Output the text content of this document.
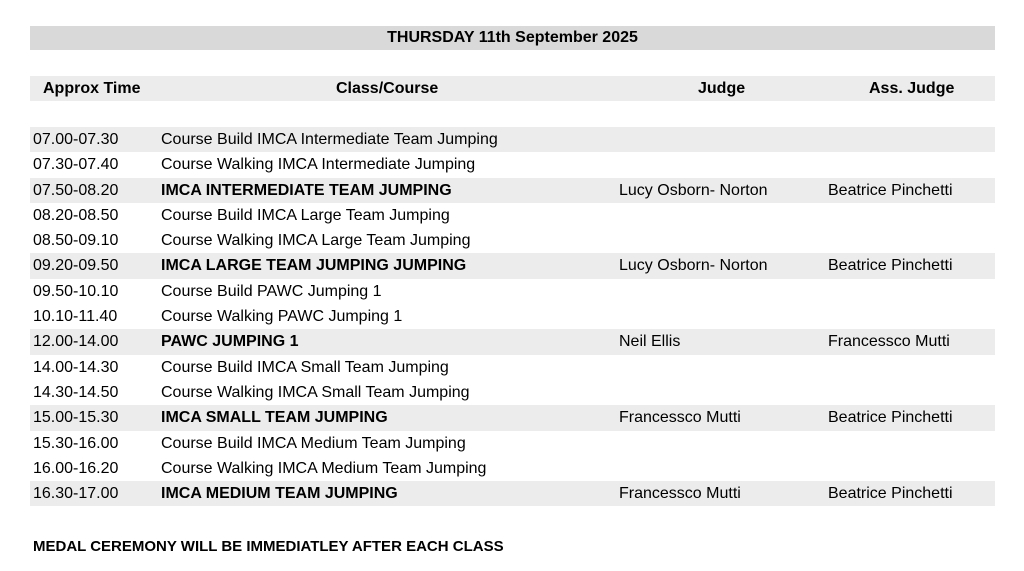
THURSDAY 11th September 2025
Approx Time	Class/Course	Judge	Ass. Judge
07.00-07.30	Course Build IMCA Intermediate Team Jumping
07.30-07.40	Course Walking IMCA Intermediate Jumping
07.50-08.20	IMCA INTERMEDIATE TEAM JUMPING	Lucy Osborn- Norton	Beatrice Pinchetti
08.20-08.50	Course Build IMCA Large Team Jumping
08.50-09.10	Course Walking IMCA Large Team Jumping
09.20-09.50	IMCA LARGE TEAM JUMPING JUMPING	Lucy Osborn- Norton	Beatrice Pinchetti
09.50-10.10	Course Build PAWC Jumping 1
10.10-11.40	Course Walking PAWC Jumping 1
12.00-14.00	PAWC JUMPING 1	Neil Ellis	Francessco Mutti
14.00-14.30	Course Build IMCA Small Team Jumping
14.30-14.50	Course Walking IMCA Small Team Jumping
15.00-15.30	IMCA SMALL TEAM JUMPING	Francessco Mutti	Beatrice Pinchetti
15.30-16.00	Course Build IMCA Medium Team Jumping
16.00-16.20	Course Walking IMCA Medium Team Jumping
16.30-17.00	IMCA MEDIUM TEAM JUMPING	Francessco Mutti	Beatrice Pinchetti
MEDAL CEREMONY WILL BE IMMEDIATLEY AFTER EACH CLASS
